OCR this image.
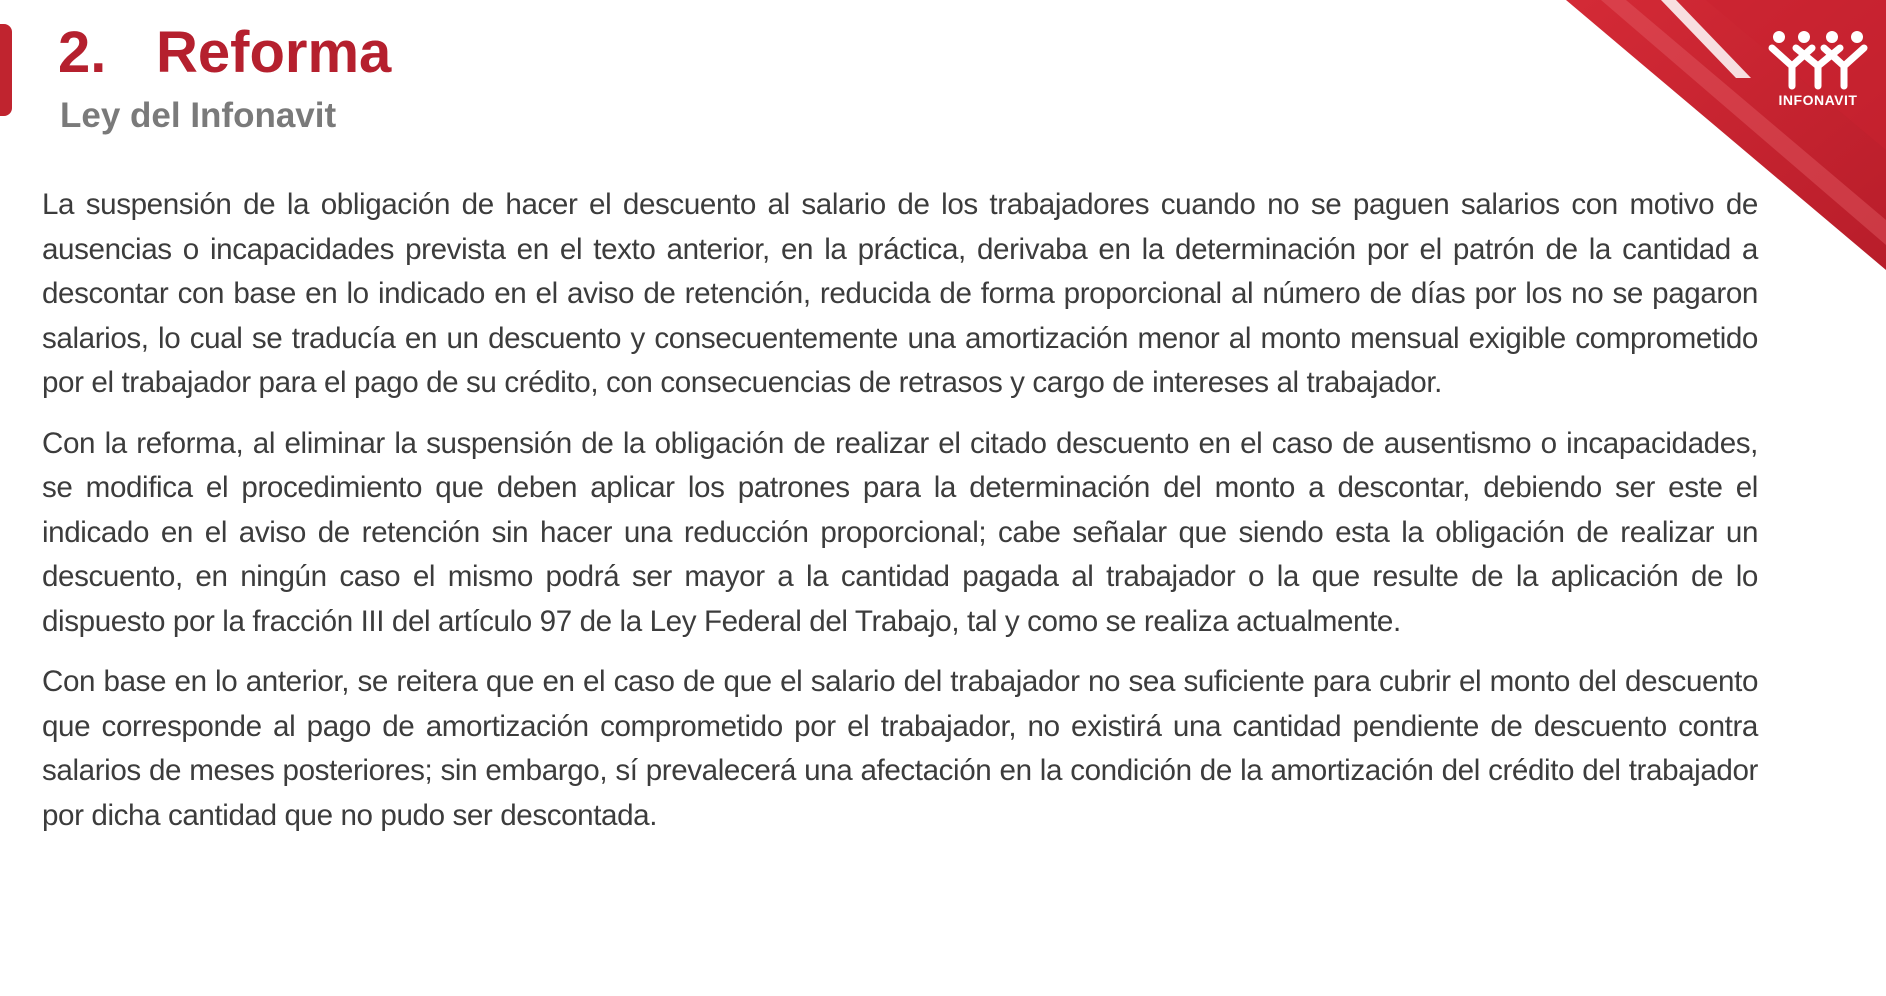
INFONAVIT
2. Reforma
Ley del Infonavit

La suspensión de la obligación de hacer el descuento al salario de los trabajadores cuando no se paguen salarios con motivo de ausencias o incapacidades prevista en el texto anterior, en la práctica, derivaba en la determinación por el patrón de la cantidad a descontar con base en lo indicado en el aviso de retención, reducida de forma proporcional al número de días por los no se pagaron salarios, lo cual se traducía en un descuento y consecuentemente una amortización menor al monto mensual exigible comprometido por el trabajador para el pago de su crédito, con consecuencias de retrasos y cargo de intereses al trabajador.

Con la reforma, al eliminar la suspensión de la obligación de realizar el citado descuento en el caso de ausentismo o incapacidades, se modifica el procedimiento que deben aplicar los patrones para la determinación del monto a descontar, debiendo ser este el indicado en el aviso de retención sin hacer una reducción proporcional; cabe señalar que siendo esta la obligación de realizar un descuento, en ningún caso el mismo podrá ser mayor a la cantidad pagada al trabajador o la que resulte de la aplicación de lo dispuesto por la fracción III del artículo 97 de la Ley Federal del Trabajo, tal y como se realiza actualmente.

Con base en lo anterior, se reitera que en el caso de que el salario del trabajador no sea suficiente para cubrir el monto del descuento que corresponde al pago de amortización comprometido por el trabajador, no existirá una cantidad pendiente de descuento contra salarios de meses posteriores; sin embargo, sí prevalecerá una afectación en la condición de la amortización del crédito del trabajador por dicha cantidad que no pudo ser descontada.
